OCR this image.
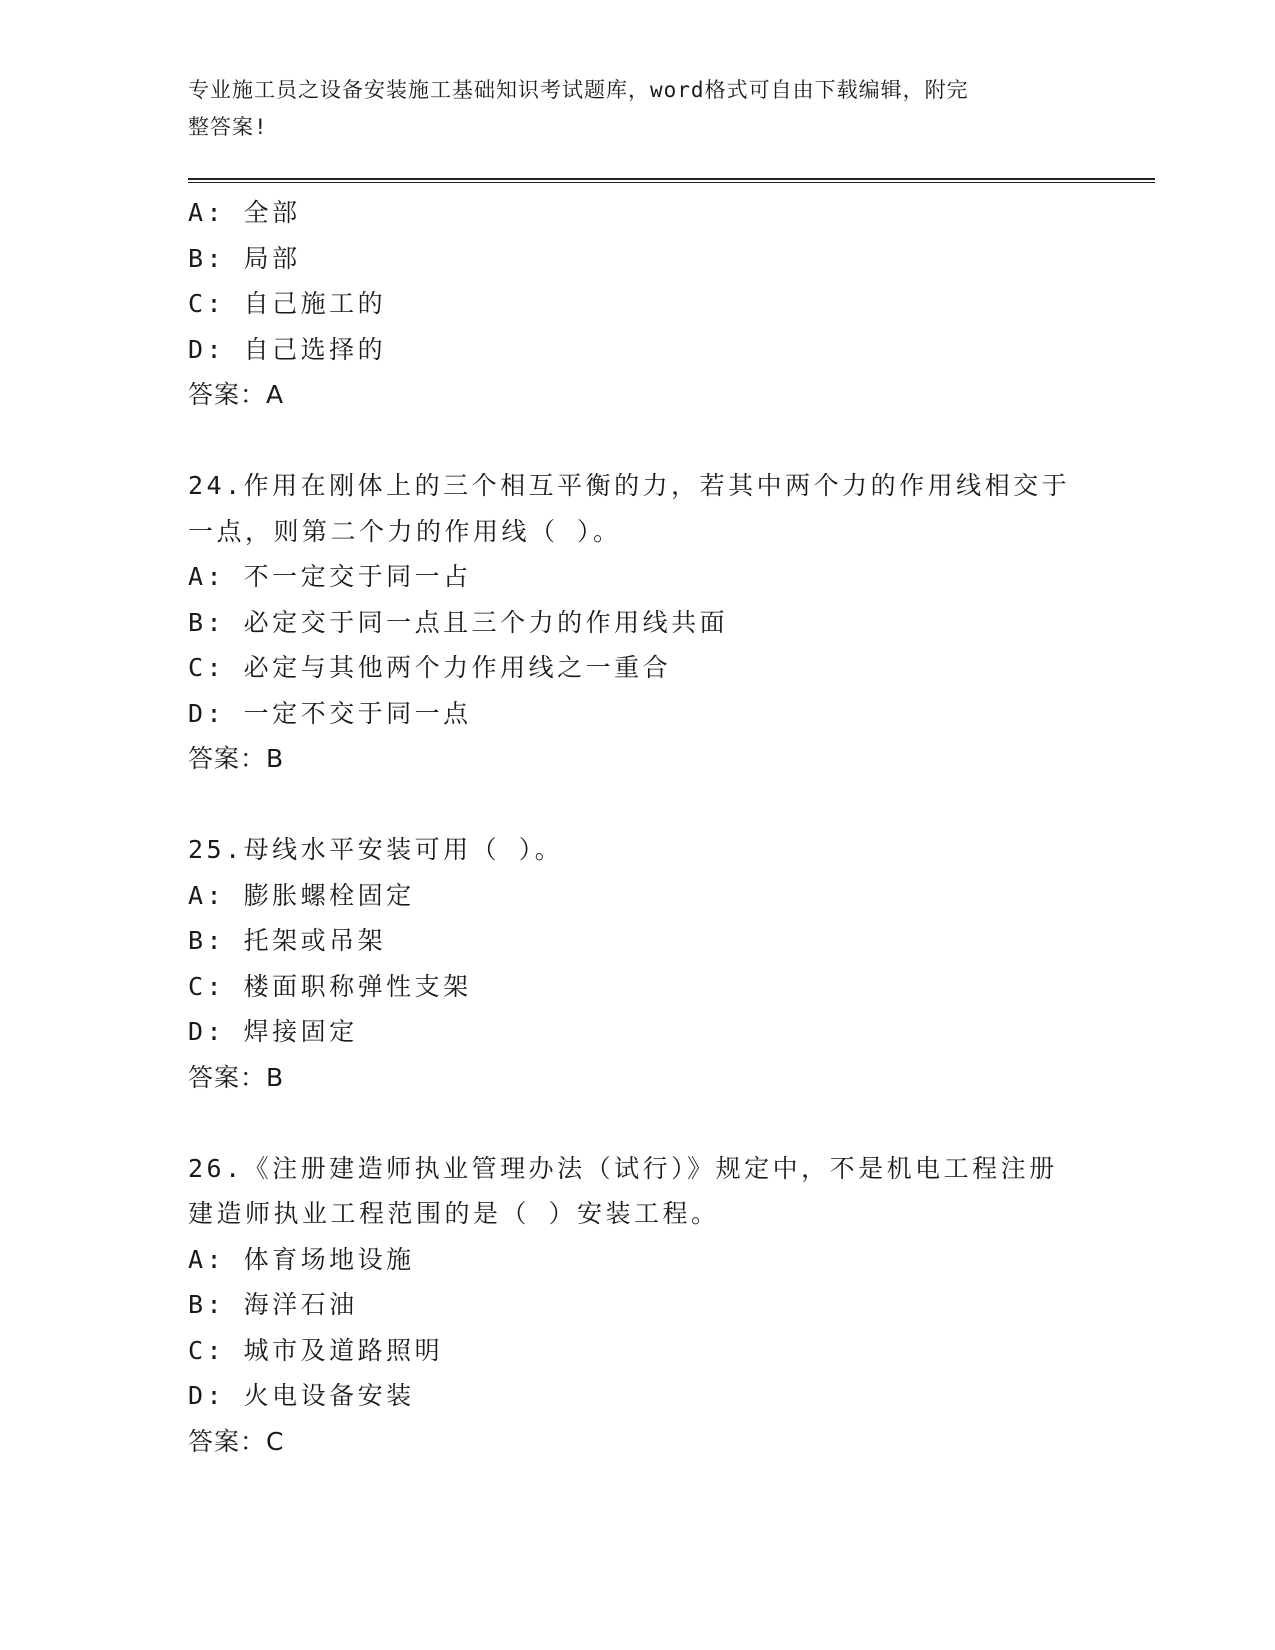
专业施工员之设备安装施工基础知识考试题库，word格式可自由下载编辑，附完
整答案!
A: 全部
B: 局部
C: 自己施工的
D: 自己选择的
答案：A
24.作用在刚体上的三个相互平衡的力，若其中两个力的作用线相交于
一点，则第二个力的作用线（ ）。
A: 不一定交于同一占
B: 必定交于同一点且三个力的作用线共面
C: 必定与其他两个力作用线之一重合
D: 一定不交于同一点
答案：B
25.母线水平安装可用（ ）。
A: 膨胀螺栓固定
B: 托架或吊架
C: 楼面职称弹性支架
D: 焊接固定
答案：B
26.《注册建造师执业管理办法（试行）》规定中，不是机电工程注册
建造师执业工程范围的是（ ）安装工程。
A: 体育场地设施
B: 海洋石油
C: 城市及道路照明
D: 火电设备安装
答案：C
